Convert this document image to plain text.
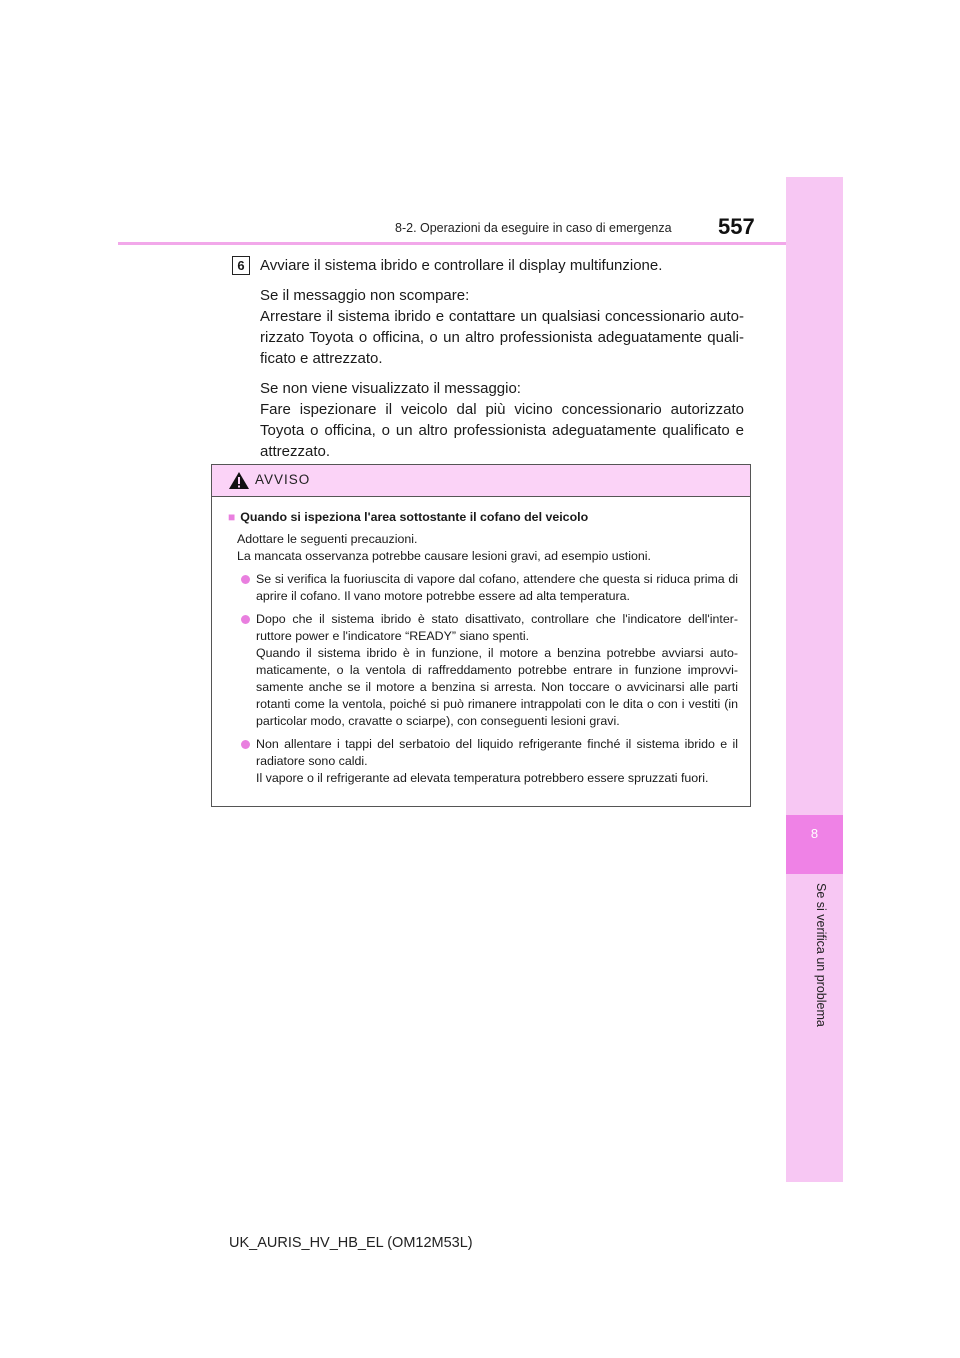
8
Se si verifica un problema
8-2. Operazioni da eseguire in caso di emergenza 557
6	Avviare il sistema ibrido e controllare il display multifunzione.

Se il messaggio non scompare:

Arrestare il sistema ibrido e contattare un qualsiasi concessionario auto- rizzato Toyota o officina, o un altro professionista adeguatamente quali- ficato e attrezzato.

Se non viene visualizzato il messaggio:

Fare ispezionare il veicolo dal più vicino concessionario autorizzato Toyota o officina, o un altro professionista adeguatamente qualificato e attrezzato.

AVVISO

■ Quando si ispeziona l'area sottostante il cofano del veicolo

Adottare le seguenti precauzioni.

La mancata osservanza potrebbe causare lesioni gravi, ad esempio ustioni.

Se si verifica la fuoriuscita di vapore dal cofano, attendere che questa si riduca prima di aprire il cofano. Il vano motore potrebbe essere ad alta temperatura.

Dopo che il sistema ibrido è stato disattivato, controllare che l'indicatore dell'inter- ruttore power e l'indicatore “READY” siano spenti.

Quando il sistema ibrido è in funzione, il motore a benzina potrebbe avviarsi auto- maticamente, o la ventola di raffreddamento potrebbe entrare in funzione improvvi- samente anche se il motore a benzina si arresta. Non toccare o avvicinarsi alle parti rotanti come la ventola, poiché si può rimanere intrappolati con le dita o con i vestiti (in particolar modo, cravatte o sciarpe), con conseguenti lesioni gravi.

Non allentare i tappi del serbatoio del liquido refrigerante finché il sistema ibrido e il radiatore sono caldi.

Il vapore o il refrigerante ad elevata temperatura potrebbero essere spruzzati fuori.

UK_AURIS_HV_HB_EL (OM12M53L)
